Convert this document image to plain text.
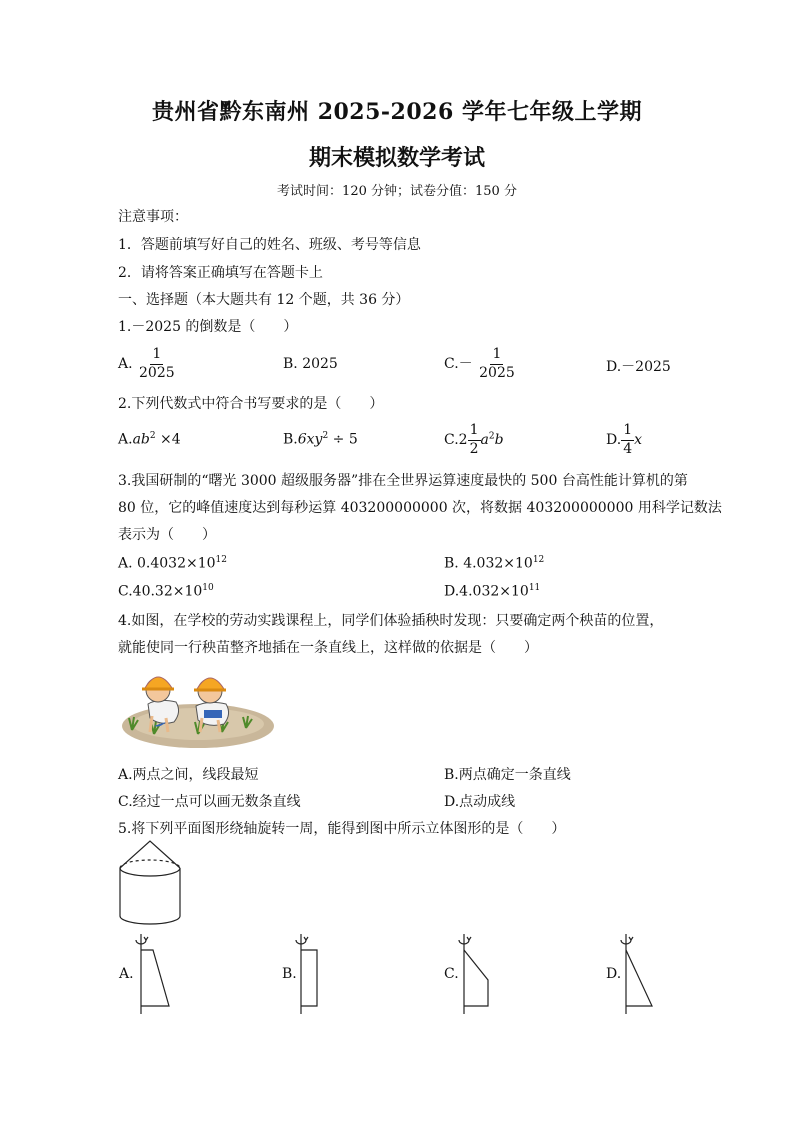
贵州省黔东南州 2025-2026 学年七年级上学期
期末模拟数学考试
考试时间：120 分钟；试卷分值：150 分
注意事项：
1．答题前填写好自己的姓名、班级、考号等信息
2．请将答案正确填写在答题卡上
一、选择题（本大题共有 12 个题，共 36 分）
1.－2025 的倒数是（　　）
A. $\frac{1}{2025}$	B. 2025	$C.- \frac{1}{2025}$	D.－2025
2.下列代数式中符合书写要求的是（　　）
$A.ab^2 \times 4$	$B.6xy^2 \div 5$	$C.2 \frac{1}{2} a^2b$	D. $\frac{1}{4}$ x
3.我国研制的“曙光 3000 超级服务器”排在全世界运算速度最快的 500 台高性能计算机的第
80 位，它的峰值速度达到每秒运算 403200000000 次，将数据 403200000000 用科学记数法
表示为（　　）
A. $0.4032\times 10^{12}$	B. $4.032\times 10^{12}$
$C.40.32\times 10^{10}$	$D.4.032\times 10^{11}$
4.如图，在学校的劳动实践课程上，同学们体验插秧时发现：只要确定两个秧苗的位置，
就能使同一行秧苗整齐地插在一条直线上，这样做的依据是（　　）
A.两点之间，线段最短	B.两点确定一条直线
C.经过一点可以画无数条直线	D.点动成线
5.将下列平面图形绕轴旋转一周，能得到图中所示立体图形的是（　　）
A.	B.	C.	D.
